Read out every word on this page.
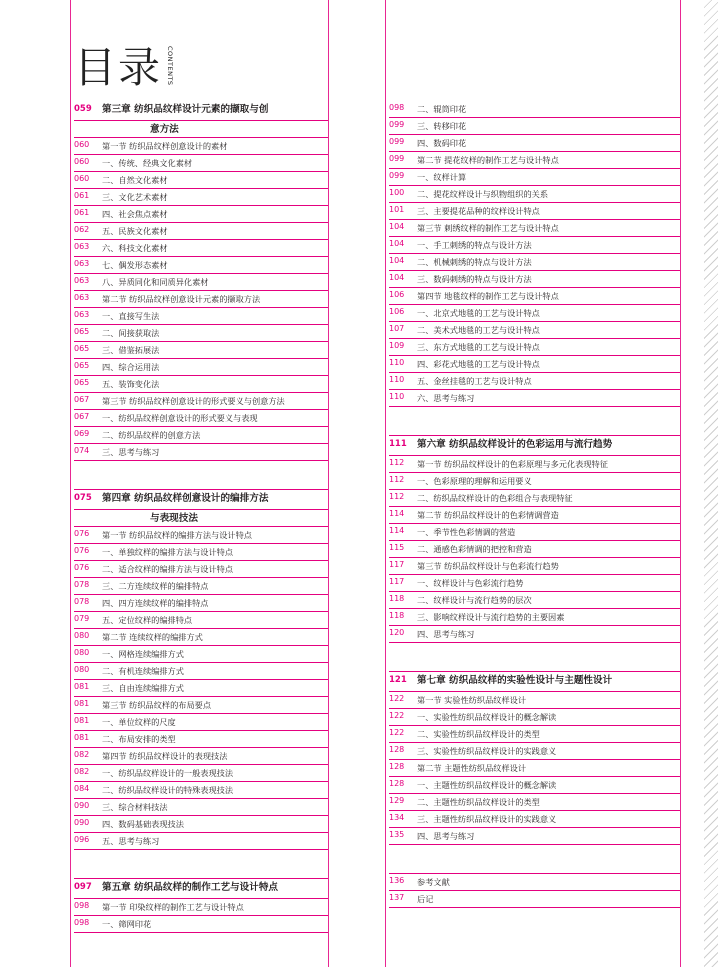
目录 CONTENTS
059	第三章 纺织品纹样设计元素的撷取与创
意方法
060	第一节 纺织品纹样创意设计的素材
060	一、传统、经典文化素材
060	二、自然文化素材
061	三、文化艺术素材
061	四、社会焦点素材
062	五、民族文化素材
063	六、科技文化素材
063	七、偶发形态素材
063	八、异质同化和同质异化素材
063	第二节 纺织品纹样创意设计元素的撷取方法
063	一、直接写生法
065	二、间接获取法
065	三、借鉴拓展法
065	四、综合运用法
065	五、装饰变化法
067	第三节 纺织品纹样创意设计的形式要义与创意方法
067	一、纺织品纹样创意设计的形式要义与表现
069	二、纺织品纹样的创意方法
074	三、思考与练习
075	第四章 纺织品纹样创意设计的编排方法
与表现技法
076	第一节 纺织品纹样的编排方法与设计特点
076	一、单独纹样的编排方法与设计特点
076	二、适合纹样的编排方法与设计特点
078	三、二方连续纹样的编排特点
078	四、四方连续纹样的编排特点
079	五、定位纹样的编排特点
080	第二节 连续纹样的编排方式
080	一、网格连续编排方式
080	二、有机连续编排方式
081	三、自由连续编排方式
081	第三节 纺织品纹样的布局要点
081	一、单位纹样的尺度
081	二、布局安排的类型
082	第四节 纺织品纹样设计的表现技法
082	一、纺织品纹样设计的一般表现技法
084	二、纺织品纹样设计的特殊表现技法
090	三、综合材料技法
090	四、数码基础表现技法
096	五、思考与练习
097	第五章 纺织品纹样的制作工艺与设计特点
098	第一节 印染纹样的制作工艺与设计特点
098	一、筛网印花
098	二、辊筒印花
099	三、转移印花
099	四、数码印花
099	第二节 提花纹样的制作工艺与设计特点
099	一、纹样计算
100	二、提花纹样设计与织物组织的关系
101	三、主要提花品种的纹样设计特点
104	第三节 刺绣纹样的制作工艺与设计特点
104	一、手工刺绣的特点与设计方法
104	二、机械刺绣的特点与设计方法
104	三、数码刺绣的特点与设计方法
106	第四节 地毯纹样的制作工艺与设计特点
106	一、北京式地毯的工艺与设计特点
107	二、美术式地毯的工艺与设计特点
109	三、东方式地毯的工艺与设计特点
110	四、彩花式地毯的工艺与设计特点
110	五、金丝挂毯的工艺与设计特点
110	六、思考与练习
111	第六章 纺织品纹样设计的色彩运用与流行趋势
112	第一节 纺织品纹样设计的色彩原理与多元化表现特征
112	一、色彩原理的理解和运用要义
112	二、纺织品纹样设计的色彩组合与表现特征
114	第二节 纺织品纹样设计的色彩情调营造
114	一、季节性色彩情调的营造
115	二、通感色彩情调的把控和营造
117	第三节 纺织品纹样设计与色彩流行趋势
117	一、纹样设计与色彩流行趋势
118	二、纹样设计与流行趋势的层次
118	三、影响纹样设计与流行趋势的主要因素
120	四、思考与练习
121	第七章 纺织品纹样的实验性设计与主题性设计
122	第一节 实验性纺织品纹样设计
122	一、实验性纺织品纹样设计的概念解读
122	二、实验性纺织品纹样设计的类型
128	三、实验性纺织品纹样设计的实践意义
128	第二节 主题性纺织品纹样设计
128	一、主题性纺织品纹样设计的概念解读
129	二、主题性纺织品纹样设计的类型
134	三、主题性纺织品纹样设计的实践意义
135	四、思考与练习
136	参考文献
137	后记
